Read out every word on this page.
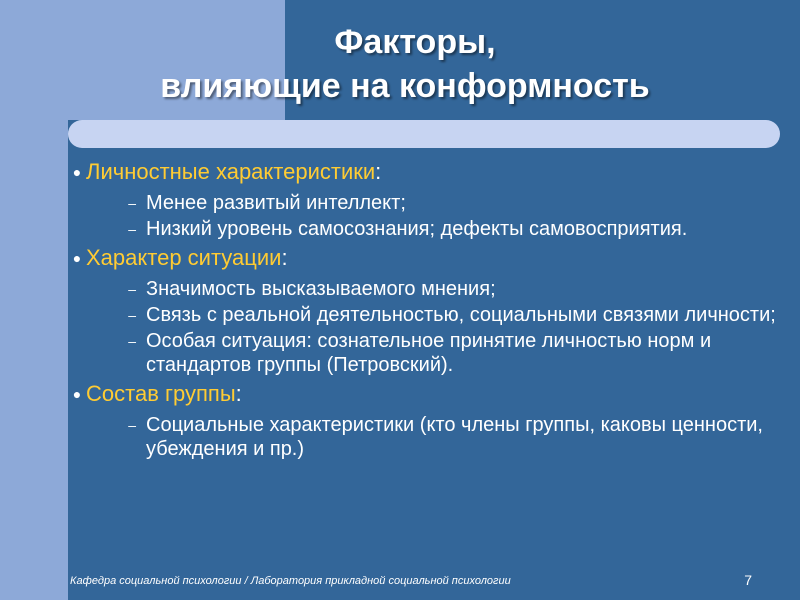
Факторы,
влияющие на конформность
● Личностные характеристики :
– Менее развитый интеллект;
– Низкий уровень самосознания; дефекты самовосприятия.
● Характер ситуации :
– Значимость высказываемого мнения;
– Связь с реальной деятельностью, социальными связями личности;
– Особая ситуация: сознательное принятие личностью норм и стандартов группы (Петровский).
● Состав группы :
– Социальные характеристики (кто члены группы, каковы ценности, убеждения и пр.)
Кафедра социальной психологии / Лаборатория прикладной социальной психологии	7
